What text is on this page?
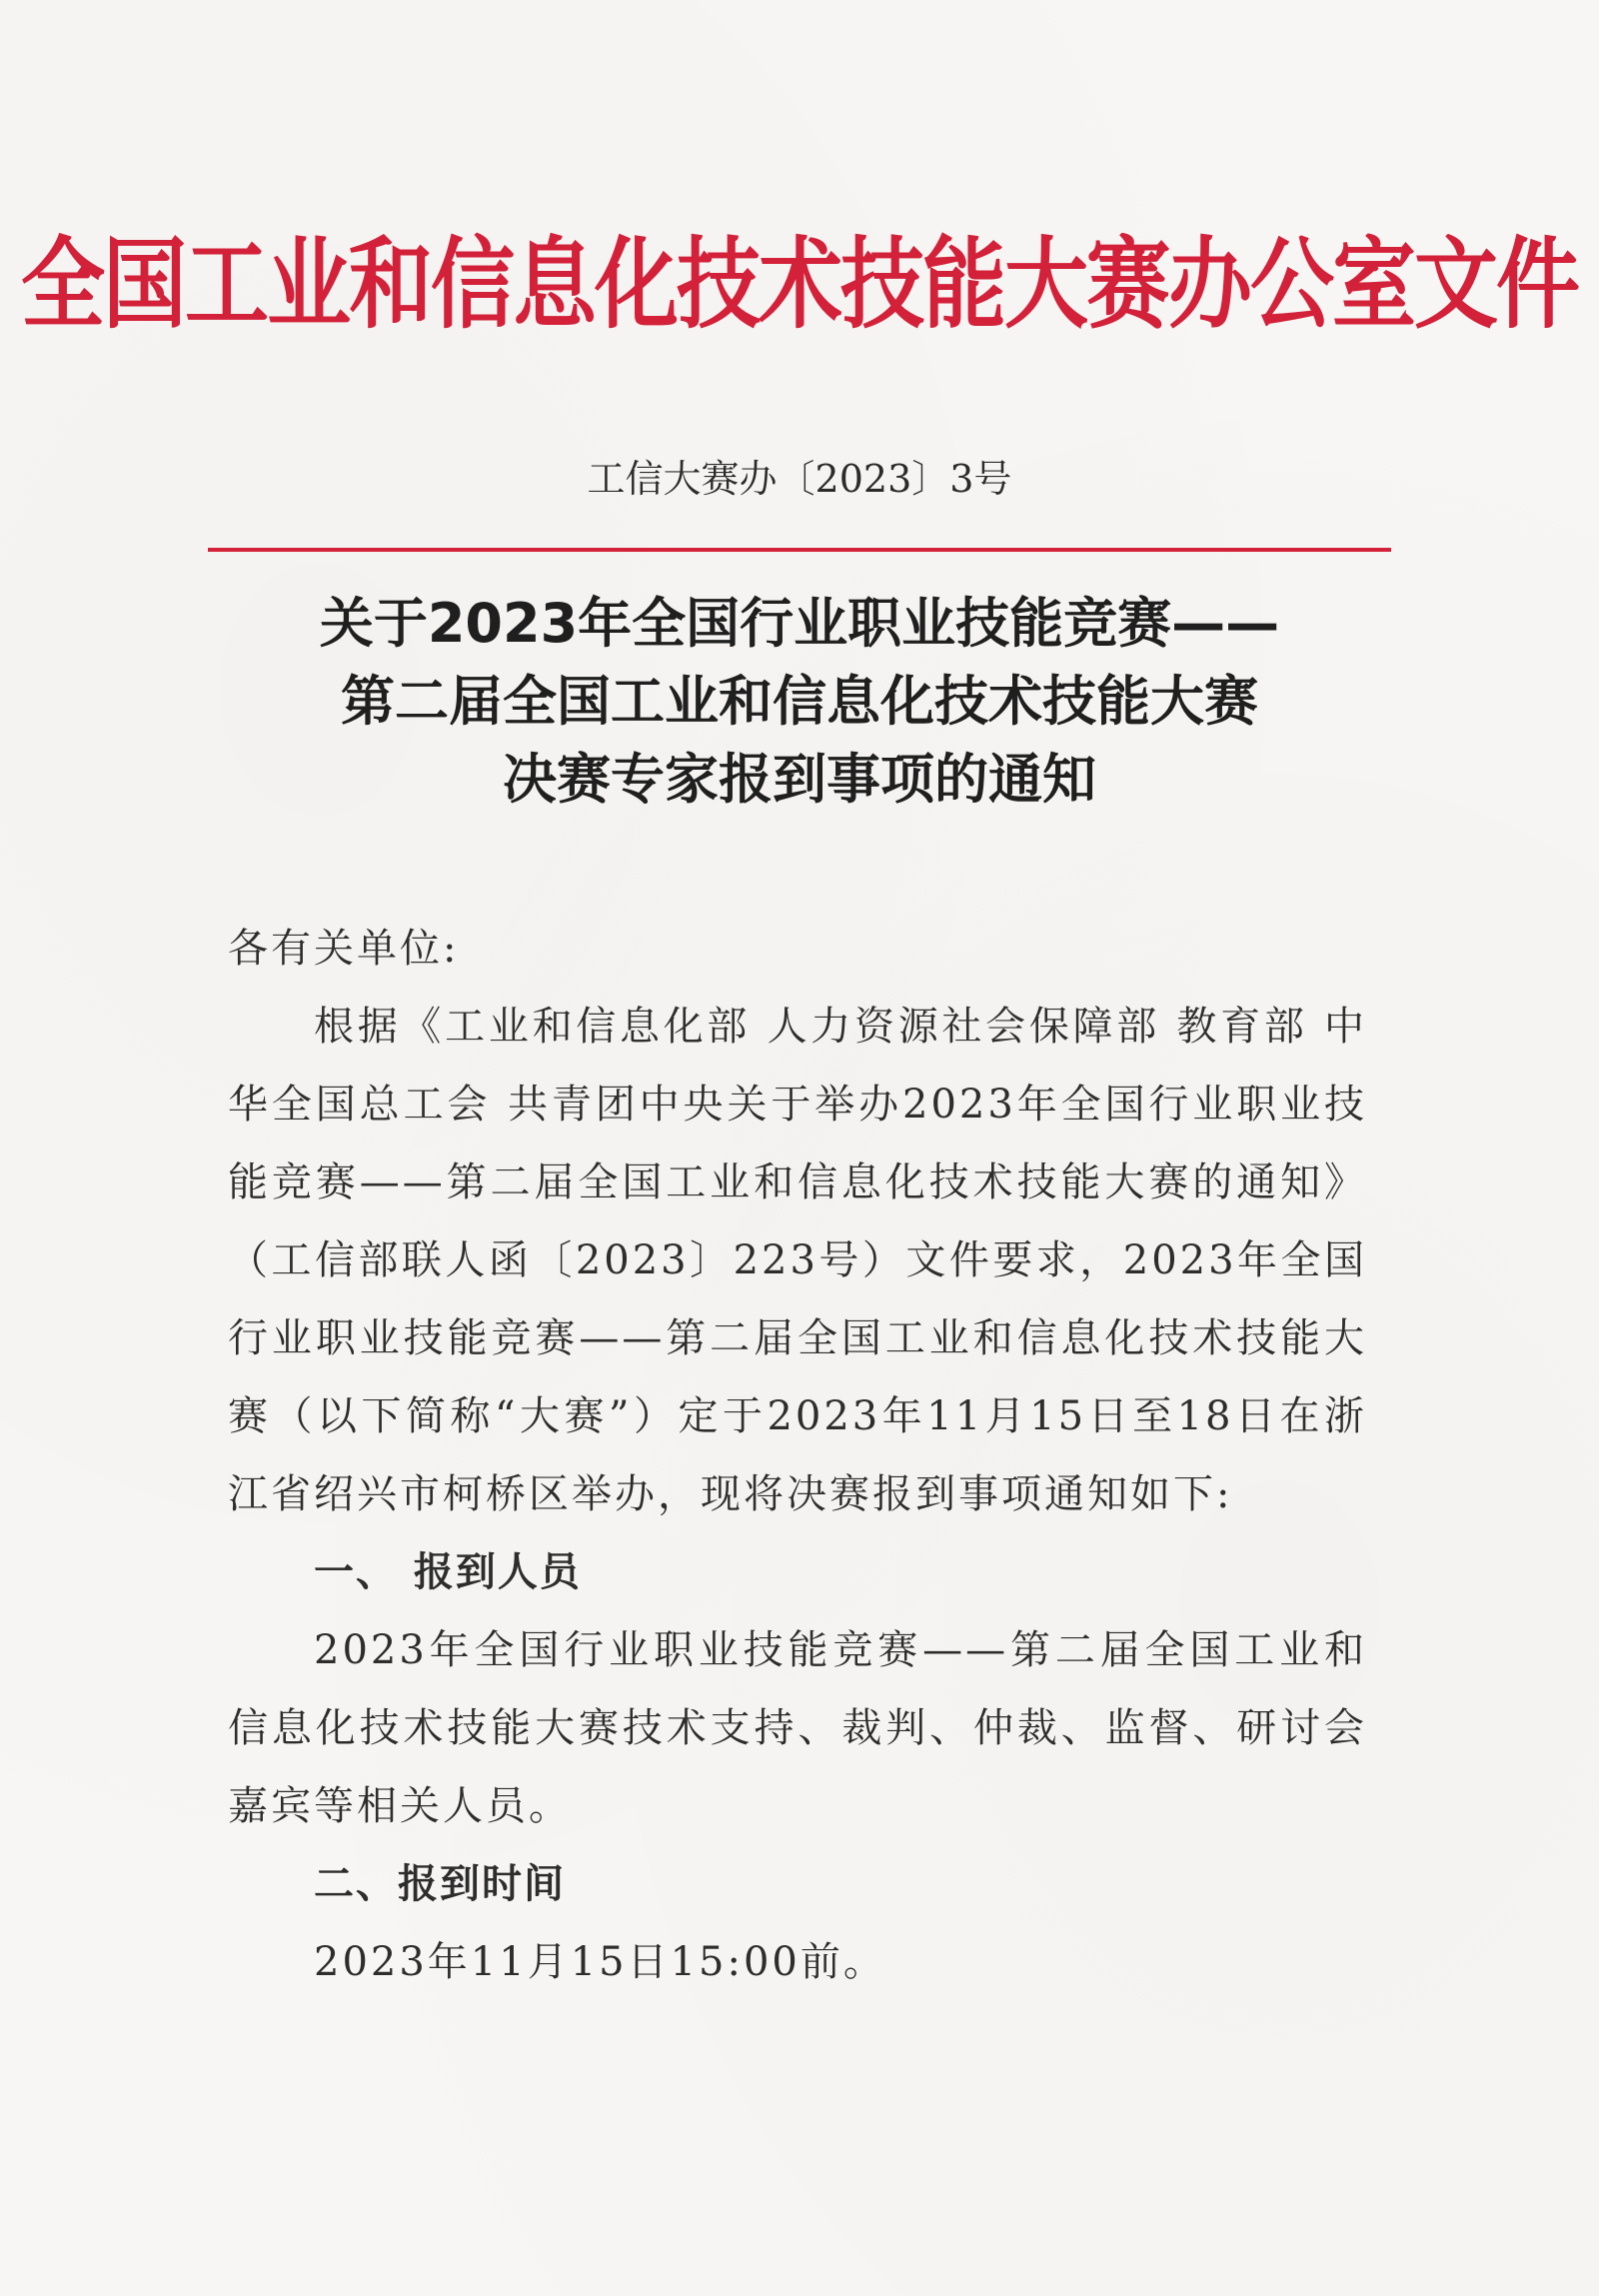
全国工业和信息化技术技能大赛办公室文件
工信大赛办〔2023〕3号
关于2023年全国行业职业技能竞赛——
第二届全国工业和信息化技术技能大赛
决赛专家报到事项的通知

各有关单位:

根据《工业和信息化部 人力资源社会保障部 教育部 中华全国总工会 共青团中央关于举办2023年全国行业职业技能竞赛——第二届全国工业和信息化技术技能大赛的通知》（工信部联人函〔2023〕223号）文件要求，2023年全国行业职业技能竞赛——第二届全国工业和信息化技术技能大赛（以下简称“大赛”）定于2023年11月15日至18日在浙江省绍兴市柯桥区举办，现将决赛报到事项通知如下:

一、 报到人员

2023年全国行业职业技能竞赛——第二届全国工业和信息化技术技能大赛技术支持、裁判、仲裁、监督、研讨会嘉宾等相关人员。

二、报到时间

2023年11月15日15:00前。
